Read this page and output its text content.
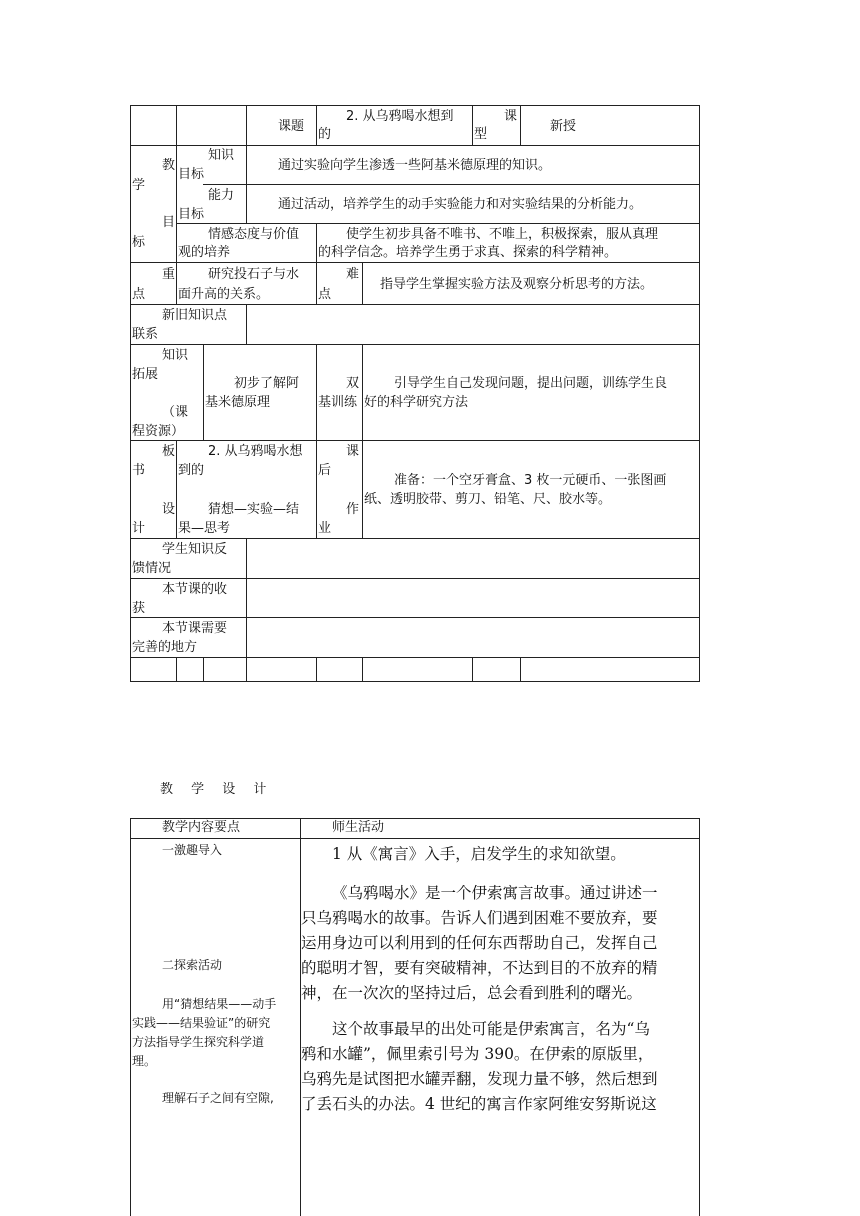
课题
2. 从乌鸦喝水想到
的
课
型
新授
学
标
教
目
知识
目标
通过实验向学生渗透一些阿基米德原理的知识。
能力
目标
通过活动，培养学生的动手实验能力和对实验结果的分析能力。
情感态度与价值
观的培养
使学生初步具备不唯书、不唯上，积极探索，服从真理
的科学信念。培养学生勇于求真、探索的科学精神。
重
点
研究投石子与水
面升高的关系。
难
点
指导学生掌握实验方法及观察分析思考的方法。
新旧知识点
联系
知识
拓展
（课
程资源）
初步了解阿
基米德原理
双
基训练
引导学生自己发现问题，提出问题，训练学生良
好的科学研究方法
板
书
设
计
2. 从乌鸦喝水想
到的
猜想—实验—结
果—思考
课
后
作
业
准备：一个空牙膏盒、3 枚一元硬币、一张图画
纸、透明胶带、剪刀、铅笔、尺、胶水等。
学生知识反
馈情况
本节课的收
获
本节课需要
完善的地方
教 学 设 计
教学内容要点	师生活动
一激趣导入
二探索活动
用“猜想结果——动手
实践——结果验证”的研究
方法指导学生探究科学道
理。
理解石子之间有空隙,
1 从《寓言》入手，启发学生的求知欲望。
《乌鸦喝水》是一个伊索寓言故事。通过讲述一
只乌鸦喝水的故事。告诉人们遇到困难不要放弃，要
运用身边可以利用到的任何东西帮助自己，发挥自己
的聪明才智，要有突破精神，不达到目的不放弃的精
神，在一次次的坚持过后，总会看到胜利的曙光。
这个故事最早的出处可能是伊索寓言，名为“乌
鸦和水罐”，佩里索引号为 390。在伊索的原版里，
乌鸦先是试图把水罐弄翻，发现力量不够，然后想到
了丢石头的办法。4 世纪的寓言作家阿维安努斯说这
